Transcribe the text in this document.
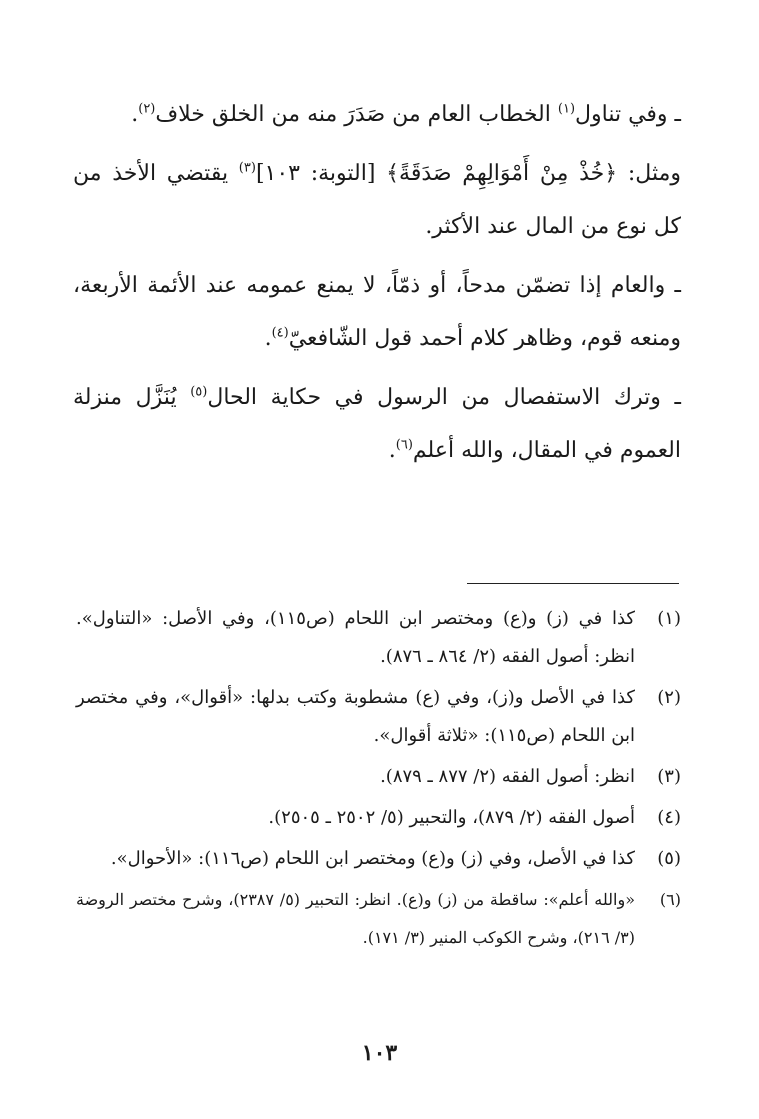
ـ وفي تناول$^{(١)}$ الخطاب العام من صَدَرَ منه من الخلق خلاف$^{(٢)}$.

ومثل: ﴿خُذْ مِنْ أَمْوَالِهِمْ صَدَقَةً﴾ [التوبة: ١٠٣]$^{(٣)}$ يقتضي الأخذ من كل نوع من المال عند الأكثر.

ـ والعام إذا تضمّن مدحاً، أو ذمّاً، لا يمنع عمومه عند الأئمة الأربعة، ومنعه قوم، وظاهر كلام أحمد قول الشّافعيّ$^{(٤)}$.

ـ وترك الاستفصال من الرسول في حكاية الحال$^{(٥)}$ يُنَزَّل منزلة العموم في المقال، والله أعلم$^{(٦)}$.

(١)
كذا في (ز) و(ع) ومختصر ابن اللحام (ص١١٥)، وفي الأصل: «التناول». انظر: أصول الفقه (٢/ ٨٦٤ ـ ٨٧٦).
(٢)
كذا في الأصل و(ز)، وفي (ع) مشطوبة وكتب بدلها: «أقوال»، وفي مختصر ابن اللحام (ص١١٥): «ثلاثة أقوال».
(٣)
انظر: أصول الفقه (٢/ ٨٧٧ ـ ٨٧٩).
(٤)
أصول الفقه (٢/ ٨٧٩)، والتحبير (٥/ ٢٥٠٢ ـ ٢٥٠٥).
(٥)
كذا في الأصل، وفي (ز) و(ع) ومختصر ابن اللحام (ص١١٦): «الأحوال».
(٦)
«والله أعلم»: ساقطة من (ز) و(ع). انظر: التحبير (٥/ ٢٣٨٧)، وشرح مختصر الروضة (٣/ ٢١٦)، وشرح الكوكب المنير (٣/ ١٧١).
١٠٣
